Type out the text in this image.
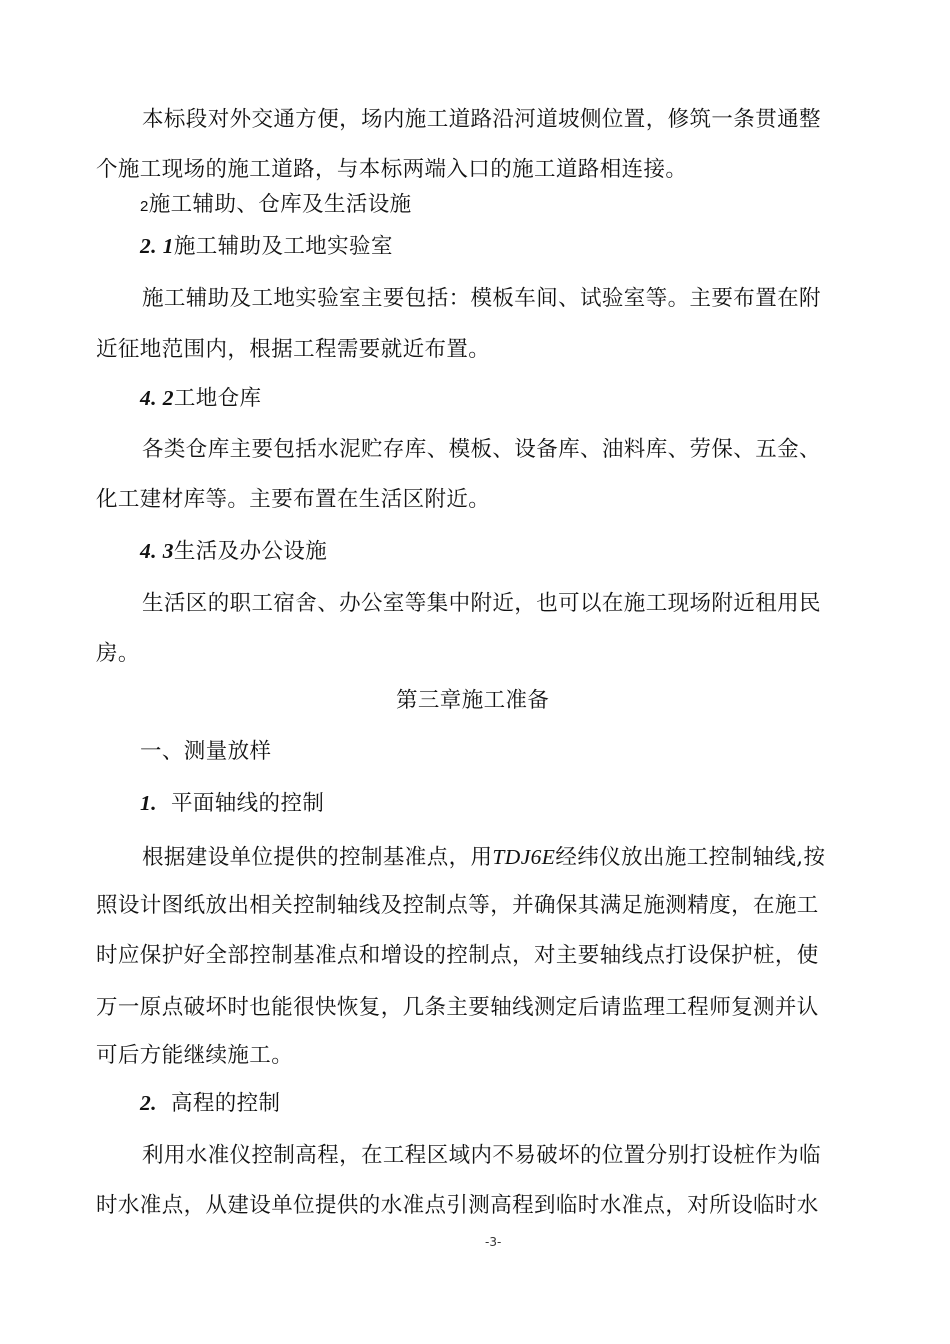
本标段对外交通方便，场内施工道路沿河道坡侧位置，修筑一条贯通整

个施工现场的施工道路，与本标两端入口的施工道路相连接。

2施工辅助、仓库及生活设施

2. 1施工辅助及工地实验室

施工辅助及工地实验室主要包括：模板车间、试验室等。主要布置在附

近征地范围内，根据工程需要就近布置。

4. 2工地仓库

各类仓库主要包括水泥贮存库、模板、设备库、油料库、劳保、五金、

化工建材库等。主要布置在生活区附近。

4. 3生活及办公设施

生活区的职工宿舍、办公室等集中附近，也可以在施工现场附近租用民

房。

第三章施工准备

一、测量放样

1. 平面轴线的控制

根据建设单位提供的控制基准点，用TDJ6E经纬仪放出施工控制轴线,按

照设计图纸放出相关控制轴线及控制点等，并确保其满足施测精度，在施工

时应保护好全部控制基准点和增设的控制点，对主要轴线点打设保护桩，使

万一原点破坏时也能很快恢复，几条主要轴线测定后请监理工程师复测并认

可后方能继续施工。

2. 高程的控制

利用水准仪控制高程，在工程区域内不易破坏的位置分别打设桩作为临

时水准点，从建设单位提供的水准点引测高程到临时水准点，对所设临时水

-3-
